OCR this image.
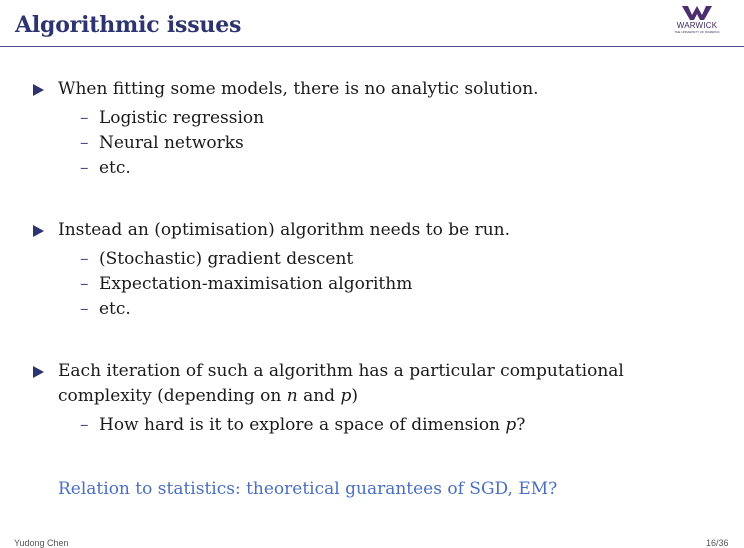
Algorithmic issues	WARWICK
THE UNIVERSITY OF WARWICK
When fitting some models, there is no analytic solution.
– Logistic regression
– Neural networks
– etc.
Instead an (optimisation) algorithm needs to be run.
– (Stochastic) gradient descent
– Expectation-maximisation algorithm
– etc.
Each iteration of such a algorithm has a particular computational
complexity (depending on n and p)
– How hard is it to explore a space of dimension p?
Relation to statistics: theoretical guarantees of SGD, EM?
Yudong Chen	16/36
